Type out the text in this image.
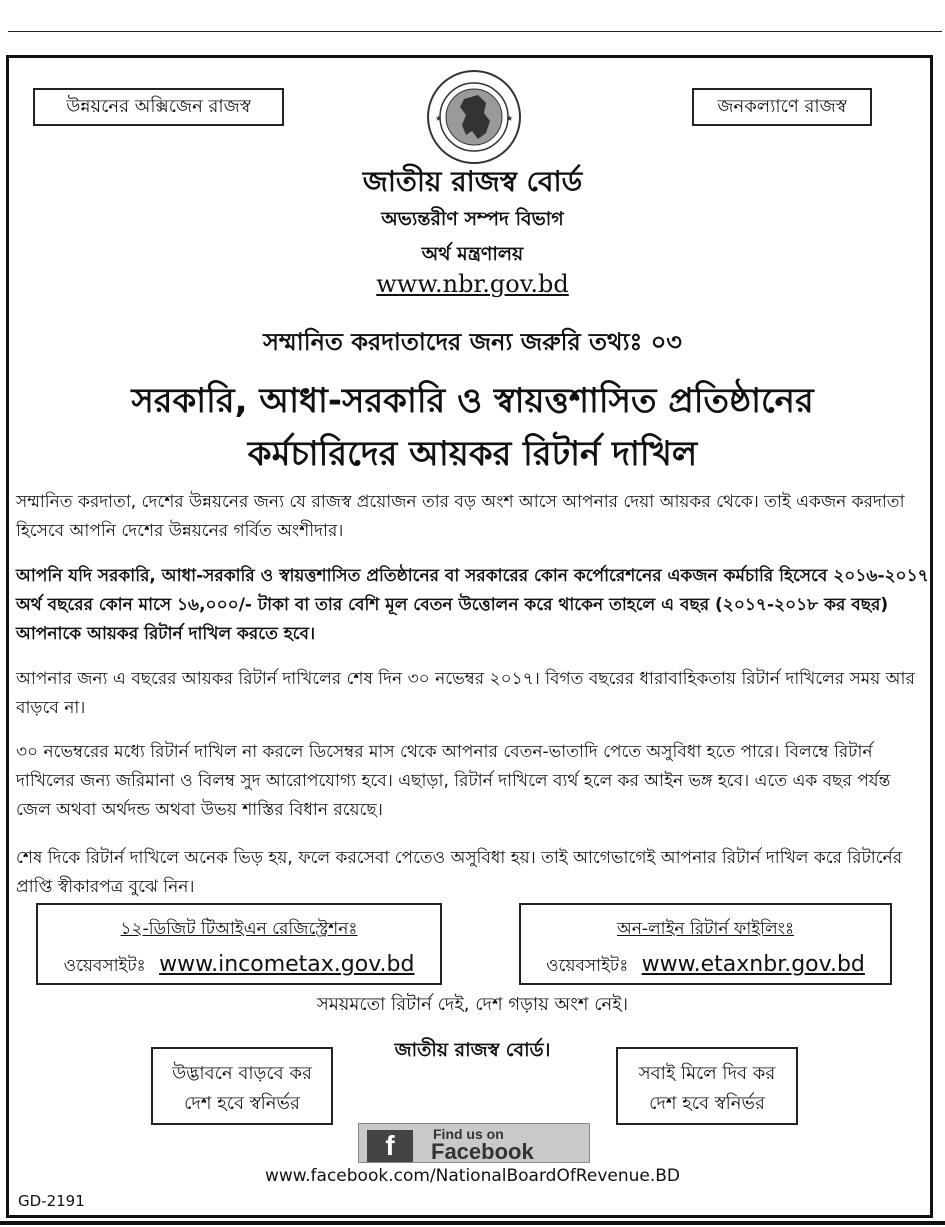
উন্নয়নের অক্সিজেন রাজস্ব	জনকল্যাণে রাজস্ব
★	★
জাতীয় রাজস্ব বোর্ড
অভ্যন্তরীণ সম্পদ বিভাগ
অর্থ মন্ত্রণালয়
www.nbr.gov.bd
সম্মানিত করদাতাদের জন্য জরুরি তথ্যঃ ০৩
সরকারি, আধা-সরকারি ও স্বায়ত্তশাসিত প্রতিষ্ঠানের
কর্মচারিদের আয়কর রিটার্ন দাখিল
সম্মানিত করদাতা, দেশের উন্নয়নের জন্য যে রাজস্ব প্রয়োজন তার বড় অংশ আসে আপনার দেয়া আয়কর থেকে। তাই একজন করদাতা হিসেবে আপনি দেশের উন্নয়নের গর্বিত অংশীদার।
আপনি যদি সরকারি, আধা-সরকারি ও স্বায়ত্তশাসিত প্রতিষ্ঠানের বা সরকারের কোন কর্পোরেশনের একজন কর্মচারি হিসেবে ২০১৬-২০১৭ অর্থ বছরের কোন মাসে ১৬,০০০/- টাকা বা তার বেশি মূল বেতন উত্তোলন করে থাকেন তাহলে এ বছর (২০১৭-২০১৮ কর বছর) আপনাকে আয়কর রিটার্ন দাখিল করতে হবে।
আপনার জন্য এ বছরের আয়কর রিটার্ন দাখিলের শেষ দিন ৩০ নভেম্বর ২০১৭। বিগত বছরের ধারাবাহিকতায় রিটার্ন দাখিলের সময় আর বাড়বে না।
৩০ নভেম্বরের মধ্যে রিটার্ন দাখিল না করলে ডিসেম্বর মাস থেকে আপনার বেতন-ভাতাদি পেতে অসুবিধা হতে পারে। বিলম্বে রিটার্ন দাখিলের জন্য জরিমানা ও বিলম্ব সুদ আরোপযোগ্য হবে। এছাড়া, রিটার্ন দাখিলে ব্যর্থ হলে কর আইন ভঙ্গ হবে। এতে এক বছর পর্যন্ত জেল অথবা অর্থদন্ড অথবা উভয় শাস্তির বিধান রয়েছে।
শেষ দিকে রিটার্ন দাখিলে অনেক ভিড় হয়, ফলে করসেবা পেতেও অসুবিধা হয়। তাই আগেভাগেই আপনার রিটার্ন দাখিল করে রিটার্নের প্রাপ্তি স্বীকারপত্র বুঝে নিন।
১২-ডিজিট টিআইএন রেজিস্ট্রেশনঃ
ওয়েবসাইটঃ www.incometax.gov.bd
অন-লাইন রিটার্ন ফাইলিংঃ
ওয়েবসাইটঃ www.etaxnbr.gov.bd
সময়মতো রিটার্ন দেই, দেশ গড়ায় অংশ নেই।
জাতীয় রাজস্ব বোর্ড।
উদ্ভাবনে বাড়বে কর
দেশ হবে স্বনির্ভর
সবাই মিলে দিব কর
দেশ হবে স্বনির্ভর
f	Find us on
Facebook
www.facebook.com/NationalBoardOfRevenue.BD
GD-2191
